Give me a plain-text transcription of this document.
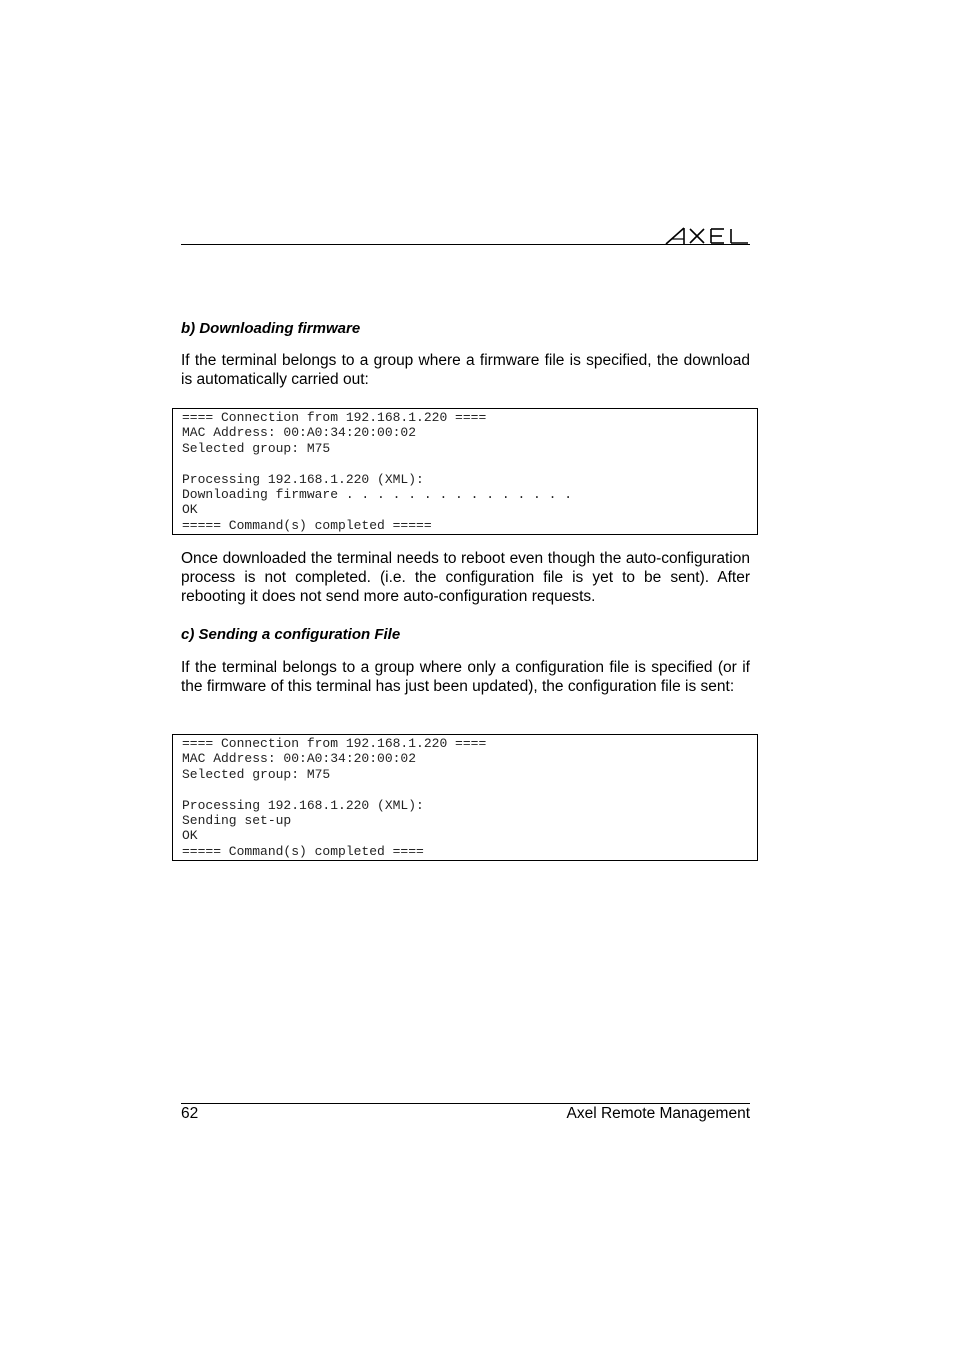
b) Downloading firmware

If the terminal belongs to a group where a firmware file is specified, the download is automatically carried out:

==== Connection from 192.168.1.220 ====
MAC Address: 00:A0:34:20:00:02
Selected group: M75
Processing 192.168.1.220 (XML):
Downloading firmware . . . . . . . . . . . . . . .
OK
===== Command(s) completed =====

Once downloaded the terminal needs to reboot even though the auto-configuration process is not completed. (i.e. the configuration file is yet to be sent). After rebooting it does not send more auto-configuration requests.

c) Sending a configuration File

If the terminal belongs to a group where only a configuration file is specified (or if the firmware of this terminal has just been updated), the configuration file is sent:

==== Connection from 192.168.1.220 ====
MAC Address: 00:A0:34:20:00:02
Selected group: M75
Processing 192.168.1.220 (XML):
Sending set-up
OK
===== Command(s) completed ====

62	Axel Remote Management
